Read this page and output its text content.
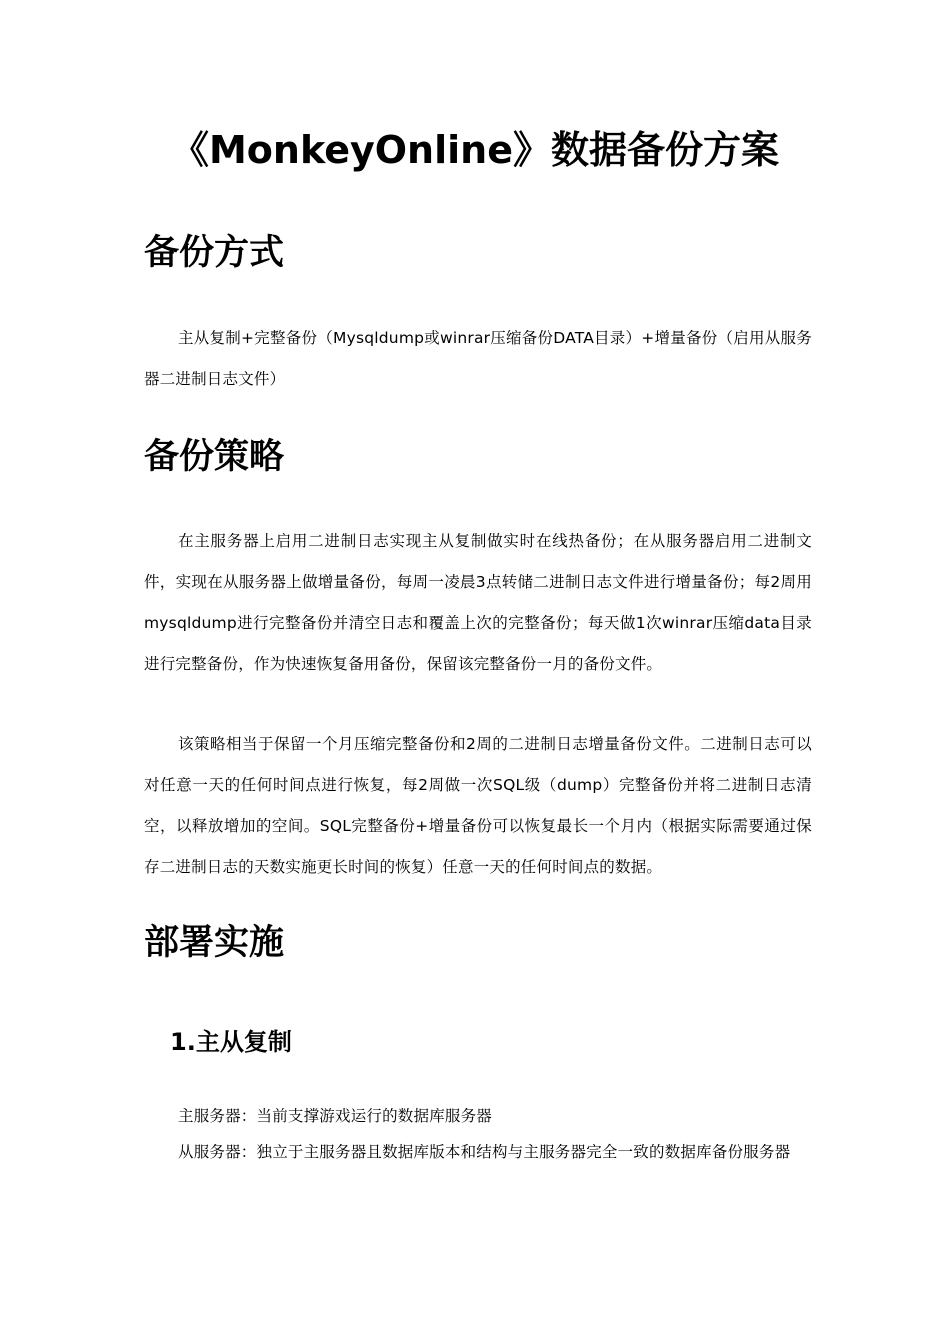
《MonkeyOnline》数据备份方案
备份方式

主从复制+完整备份（Mysqldump或winrar压缩备份DATA目录）+增量备份（启用从服务器二进制日志文件）

备份策略

在主服务器上启用二进制日志实现主从复制做实时在线热备份；在从服务器启用二进制文件，实现在从服务器上做增量备份，每周一凌晨3点转储二进制日志文件进行增量备份；每2周用mysqldump进行完整备份并清空日志和覆盖上次的完整备份；每天做1次winrar压缩data目录进行完整备份，作为快速恢复备用备份，保留该完整备份一月的备份文件。

该策略相当于保留一个月压缩完整备份和2周的二进制日志增量备份文件。二进制日志可以对任意一天的任何时间点进行恢复，每2周做一次SQL级（dump）完整备份并将二进制日志清空，以释放增加的空间。SQL完整备份+增量备份可以恢复最长一个月内（根据实际需要通过保存二进制日志的天数实施更长时间的恢复）任意一天的任何时间点的数据。

部署实施
1.主从复制

主服务器：当前支撑游戏运行的数据库服务器

从服务器：独立于主服务器且数据库版本和结构与主服务器完全一致的数据库备份服务器
